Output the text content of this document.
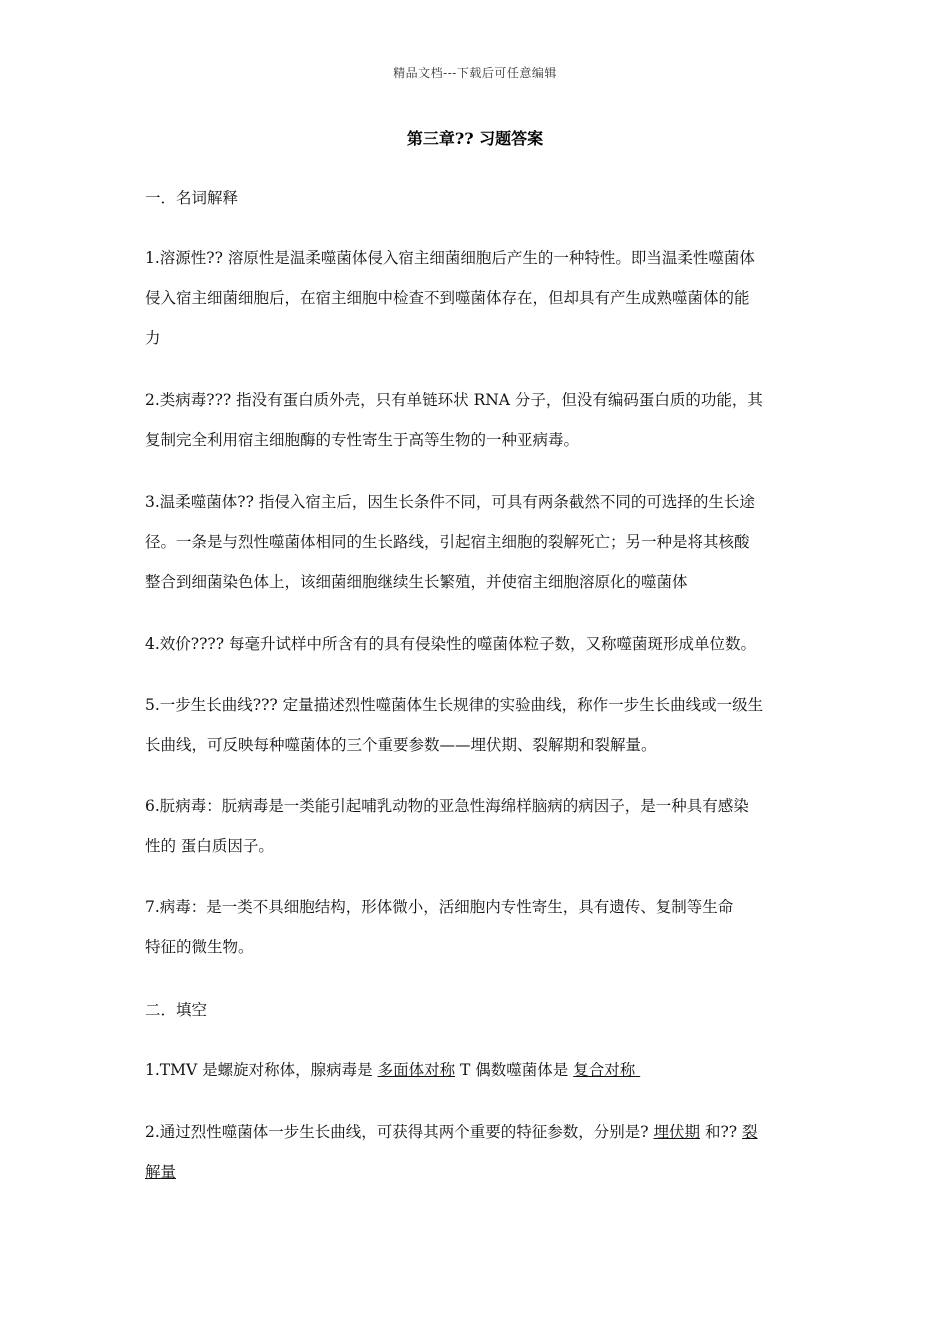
精品文档---下载后可任意编辑
第三章?? 习题答案
一．名词解释
1.溶源性?? 溶原性是温柔噬菌体侵入宿主细菌细胞后产生的一种特性。即当温柔性噬菌体
侵入宿主细菌细胞后，在宿主细胞中检查不到噬菌体存在，但却具有产生成熟噬菌体的能
力
2.类病毒??? 指没有蛋白质外壳，只有单链环状 RNA 分子，但没有编码蛋白质的功能，其
复制完全利用宿主细胞酶的专性寄生于高等生物的一种亚病毒。
3.温柔噬菌体?? 指侵入宿主后，因生长条件不同，可具有两条截然不同的可选择的生长途
径。一条是与烈性噬菌体相同的生长路线，引起宿主细胞的裂解死亡；另一种是将其核酸
整合到细菌染色体上，该细菌细胞继续生长繁殖，并使宿主细胞溶原化的噬菌体
4.效价???? 每毫升试样中所含有的具有侵染性的噬菌体粒子数，又称噬菌斑形成单位数。
5.一步生长曲线??? 定量描述烈性噬菌体生长规律的实验曲线，称作一步生长曲线或一级生
长曲线，可反映每种噬菌体的三个重要参数——埋伏期、裂解期和裂解量。
6.朊病毒：朊病毒是一类能引起哺乳动物的亚急性海绵样脑病的病因子，是一种具有感染
性的 蛋白质因子。
7.病毒：是一类不具细胞结构，形体微小，活细胞内专性寄生，具有遗传、复制等生命
特征的微生物。
二．填空
1.TMV 是螺旋对称体，腺病毒是 多面体对称 T 偶数噬菌体是 复合对称
2.通过烈性噬菌体一步生长曲线，可获得其两个重要的特征参数，分别是? 埋伏期 和?? 裂
解量
